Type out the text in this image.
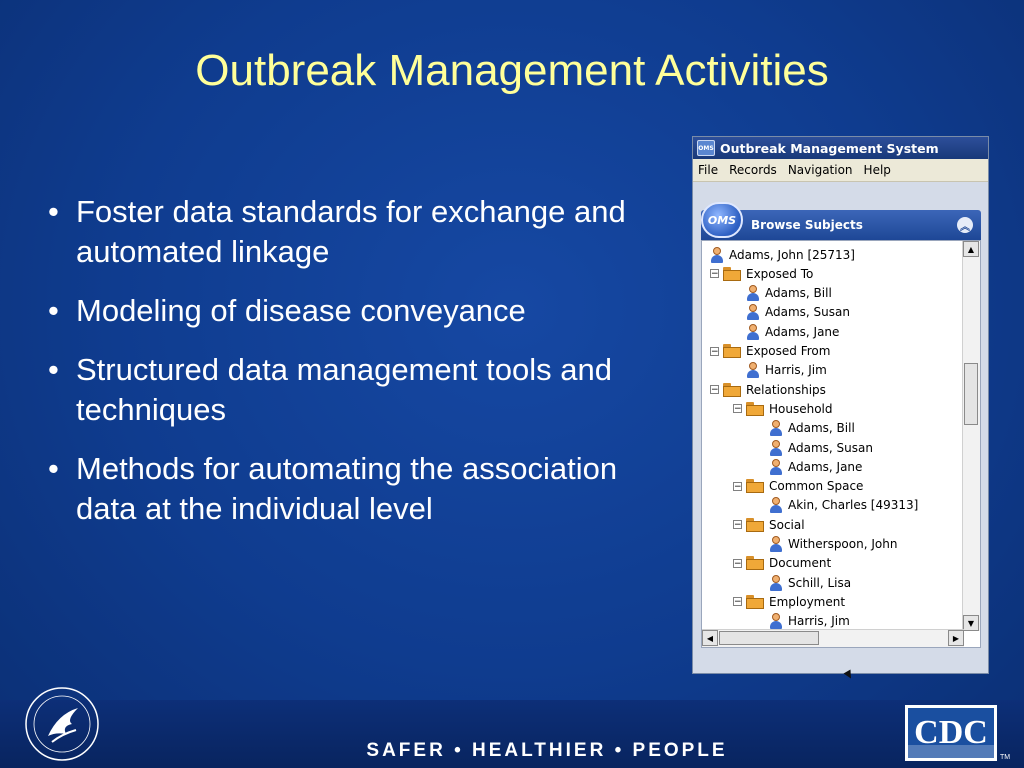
Outbreak Management Activities
• Foster data standards for exchange and automated linkage
• Modeling of disease conveyance
• Structured data management tools and techniques
• Methods for automating the association data at the individual level
OMS Outbreak Management System
File Records Navigation Help
OMS	Browse Subjects	︽
Adams, John [25713]
− Exposed To
Adams, Bill
Adams, Susan
Adams, Jane
− Exposed From
Harris, Jim
− Relationships
− Household
Adams, Bill
Adams, Susan
Adams, Jane
− Common Space
Akin, Charles [49313]
− Social
Witherspoon, John
− Document
Schill, Lisa
− Employment
Harris, Jim
▲
▼
◀	▶
SAFER • HEALTHIER • PEOPLE	CDC
TM
